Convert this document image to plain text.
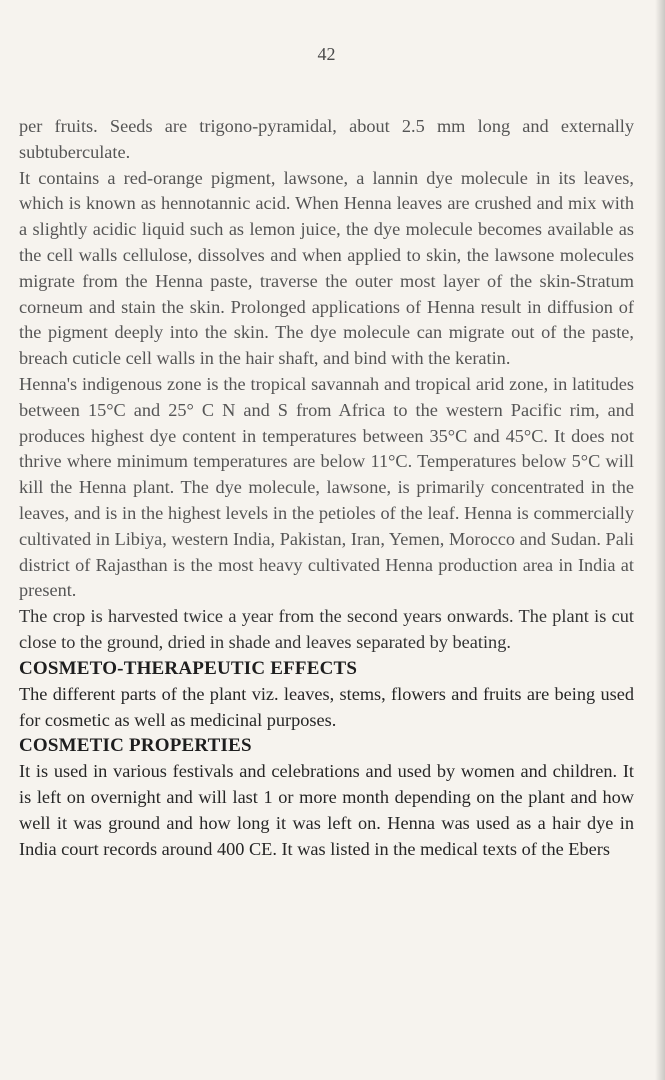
42

per fruits. Seeds are trigono-pyramidal, about 2.5 mm long and externally subtuberculate.

It contains a red-orange pigment, lawsone, a lannin dye molecule in its leaves, which is known as hennotannic acid. When Henna leaves are crushed and mix with a slightly acidic liquid such as lemon juice, the dye molecule becomes available as the cell walls cellulose, dissolves and when applied to skin, the lawsone molecules migrate from the Henna paste, traverse the outer most layer of the skin-Stratum corneum and stain the skin. Prolonged applications of Henna result in diffusion of the pigment deeply into the skin. The dye molecule can migrate out of the paste, breach cuticle cell walls in the hair shaft, and bind with the keratin.

Henna's indigenous zone is the tropical savannah and tropical arid zone, in latitudes between 15°C and 25° C N and S from Africa to the western Pacific rim, and produces highest dye content in temperatures between 35°C and 45°C. It does not thrive where minimum temperatures are below 11°C. Temperatures below 5°C will kill the Henna plant. The dye molecule, lawsone, is primarily concentrated in the leaves, and is in the highest levels in the petioles of the leaf. Henna is commercially cultivated in Libiya, western India, Pakistan, Iran, Yemen, Morocco and Sudan. Pali district of Rajasthan is the most heavy cultivated Henna production area in India at present.

The crop is harvested twice a year from the second years onwards. The plant is cut close to the ground, dried in shade and leaves separated by beating.

COSMETO-THERAPEUTIC EFFECTS

The different parts of the plant viz. leaves, stems, flowers and fruits are being used for cosmetic as well as medicinal purposes.

COSMETIC PROPERTIES

It is used in various festivals and celebrations and used by women and children. It is left on overnight and will last 1 or more month depending on the plant and how well it was ground and how long it was left on. Henna was used as a hair dye in India court records around 400 CE. It was listed in the medical texts of the Ebers
